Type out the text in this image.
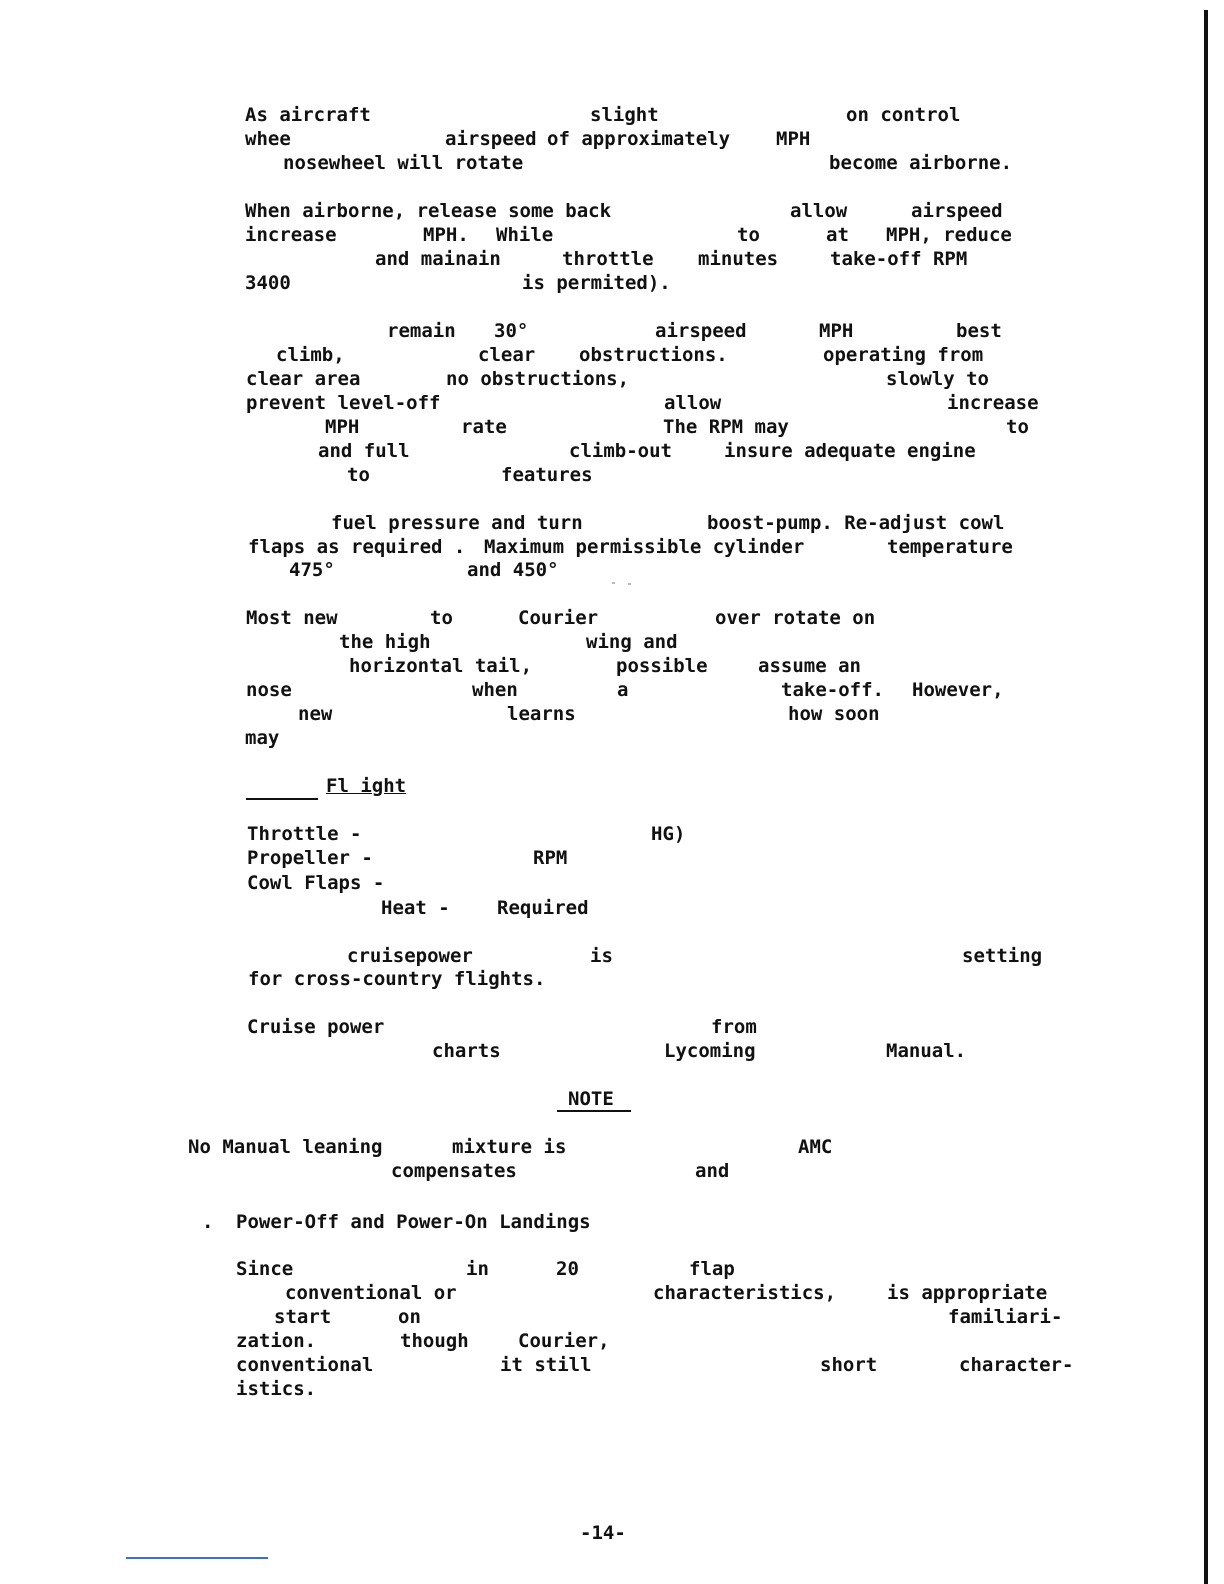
As aircraft	slight	on control
whee	airspeed of approximately MPH
nosewheel will rotate	become airborne.
When airborne, release some back	allow	airspeed
increase	MPH. While	to	at MPH, reduce
and mainain	throttle minutes	take-off RPM
3400	is permited).
remain 30°	airspeed	MPH	best
climb,	clear obstructions.	operating from
clear area	no obstructions,	slowly to
prevent level-off	allow	increase
MPH	rate	The RPM may	to
and full	climb-out	insure adequate engine
to	features
fuel pressure and turn	boost-pump. Re-adjust cowl
flaps as required . Maximum permissible cylinder	temperature
475°	and 450°
Most new	to	Courier	over rotate on
the high	wing and
horizontal tail,	possible	assume an
nose	when	a	take-off. However,
new	learns	how soon
may
Fl ight
Throttle -	HG)
Propeller -	RPM
Cowl Flaps -
Heat - Required
cruisepower	is	setting
for cross-country flights.
Cruise power	from
charts	Lycoming	Manual.
NOTE
No Manual leaning	mixture is	AMC
compensates	and
. Power-Off and Power-On Landings
Since	in	20	flap
conventional or	characteristics,	is appropriate
start	on	familiari-
zation.	though	Courier,
conventional	it still	short	character-
istics.
-14-
